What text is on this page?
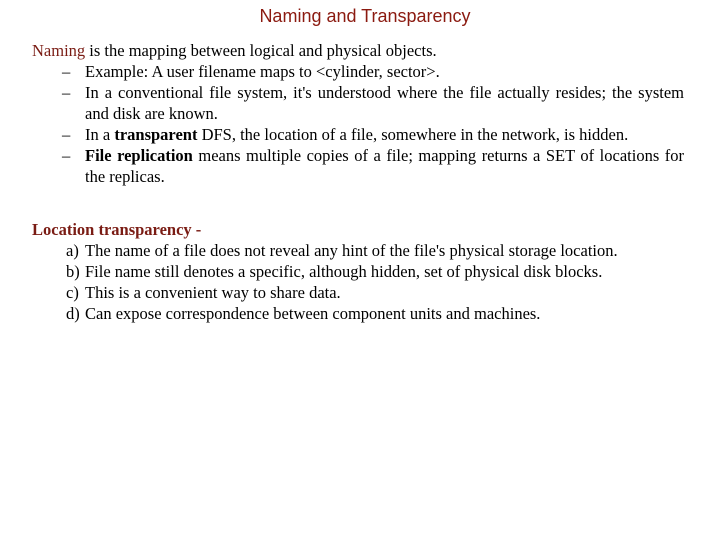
Naming and Transparency

Naming is the mapping between logical and physical objects.

– Example: A user filename maps to <cylinder, sector>.
– In a conventional file system, it's understood where the file actually resides; the system and disk are known.
– In a transparent DFS, the location of a file, somewhere in the network, is hidden.
– File replication means multiple copies of a file; mapping returns a SET of locations for the replicas.

Location transparency -

a) The name of a file does not reveal any hint of the file's physical storage location.
b) File name still denotes a specific, although hidden, set of physical disk blocks.
c) This is a convenient way to share data.
d) Can expose correspondence between component units and machines.
